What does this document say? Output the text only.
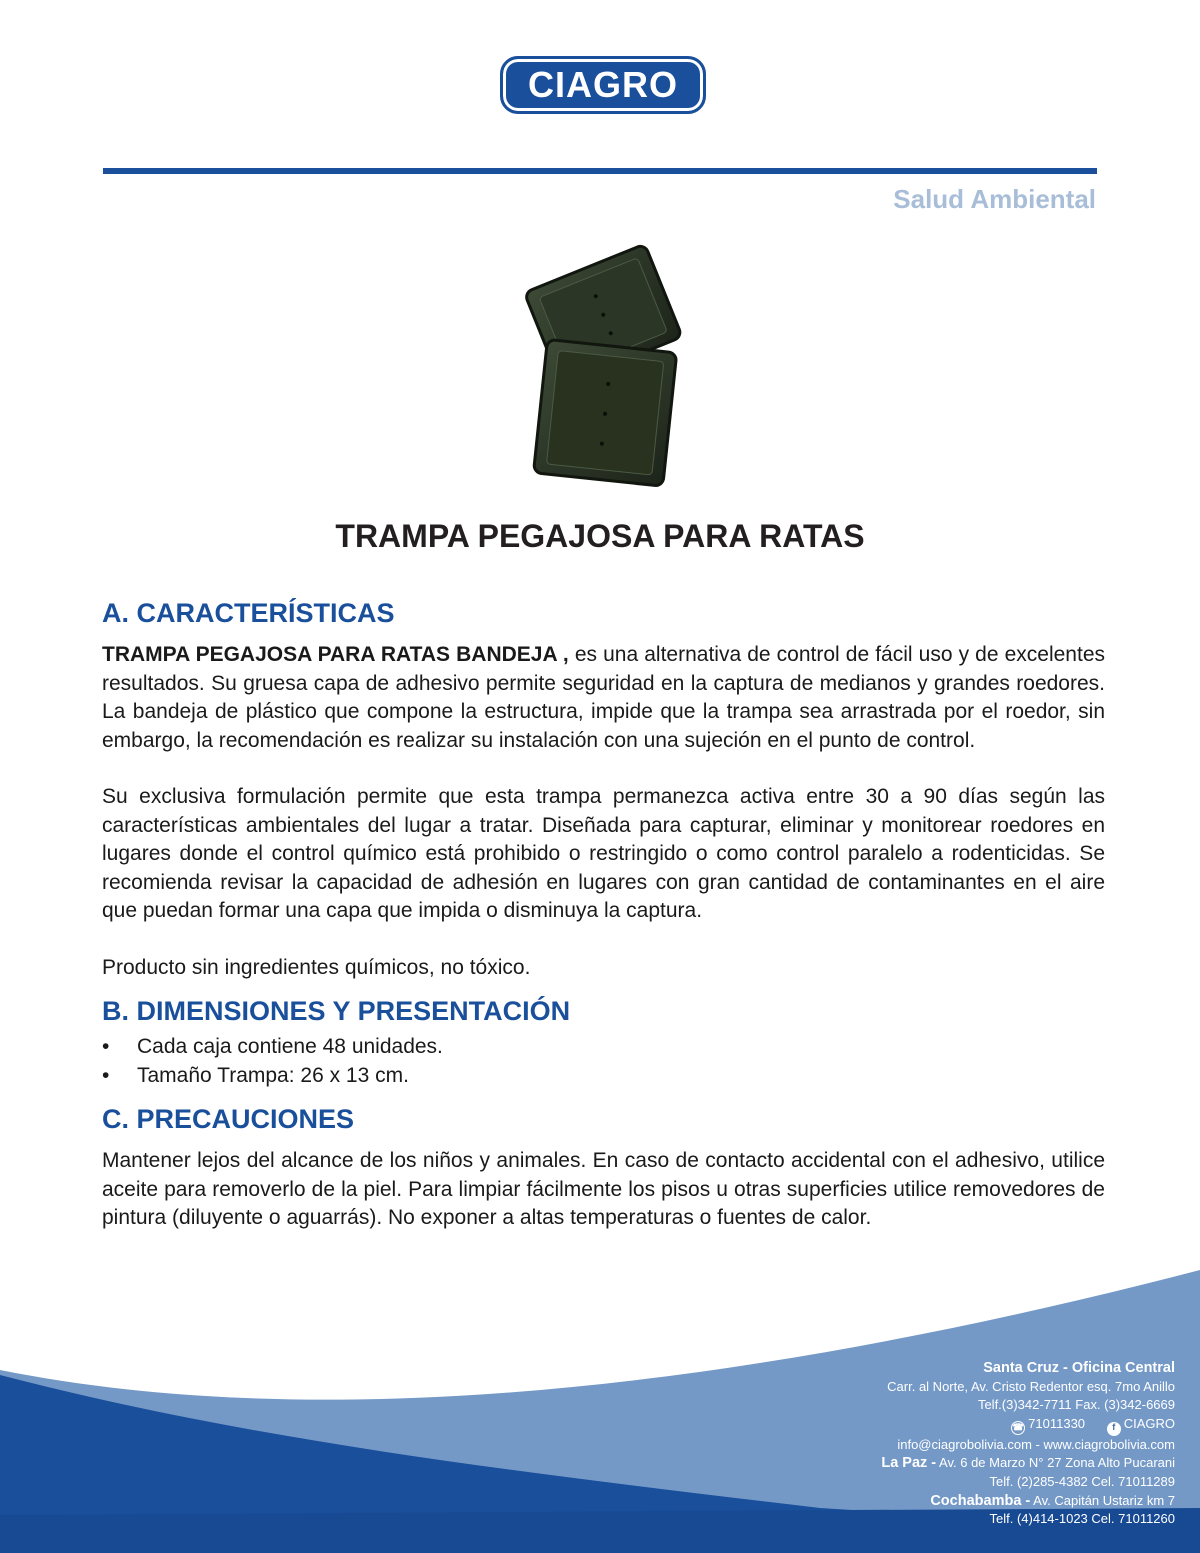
CIAGRO
Salud Ambiental
TRAMPA PEGAJOSA PARA RATAS
A. CARACTERÍSTICAS

TRAMPA PEGAJOSA PARA RATAS BANDEJA , es una alternativa de control de fácil uso y de excelentes resultados. Su gruesa capa de adhesivo permite seguridad en la captura de medianos y grandes roedores. La bandeja de plástico que compone la estructura, impide que la trampa sea arrastrada por el roedor, sin embargo, la recomendación es realizar su instalación con una sujeción en el punto de control.

Su exclusiva formulación permite que esta trampa permanezca activa entre 30 a 90 días según las características ambientales del lugar a tratar. Diseñada para capturar, eliminar y monitorear roedores en lugares donde el control químico está prohibido o restringido o como control paralelo a rodenticidas. Se recomienda revisar la capacidad de adhesión en lugares con gran cantidad de contaminantes en el aire que puedan formar una capa que impida o disminuya la captura.

Producto sin ingredientes químicos, no tóxico.

B. DIMENSIONES Y PRESENTACIÓN
• Cada caja contiene 48 unidades.
• Tamaño Trampa: 26 x 13 cm.
C. PRECAUCIONES

Mantener lejos del alcance de los niños y animales. En caso de contacto accidental con el adhesivo, utilice aceite para removerlo de la piel. Para limpiar fácilmente los pisos u otras superficies utilice removedores de pintura (diluyente o aguarrás). No exponer a altas temperaturas o fuentes de calor.

Santa Cruz - Oficina Central
Carr. al Norte, Av. Cristo Redentor esq. 7mo Anillo
Telf.(3)342-7711 Fax. (3)342-6669
☎ 71011330	f CIAGRO
info@ciagrobolivia.com - www.ciagrobolivia.com
La Paz - Av. 6 de Marzo N° 27 Zona Alto Pucarani
Telf. (2)285-4382 Cel. 71011289
Cochabamba - Av. Capitán Ustariz km 7
Telf. (4)414-1023 Cel. 71011260
